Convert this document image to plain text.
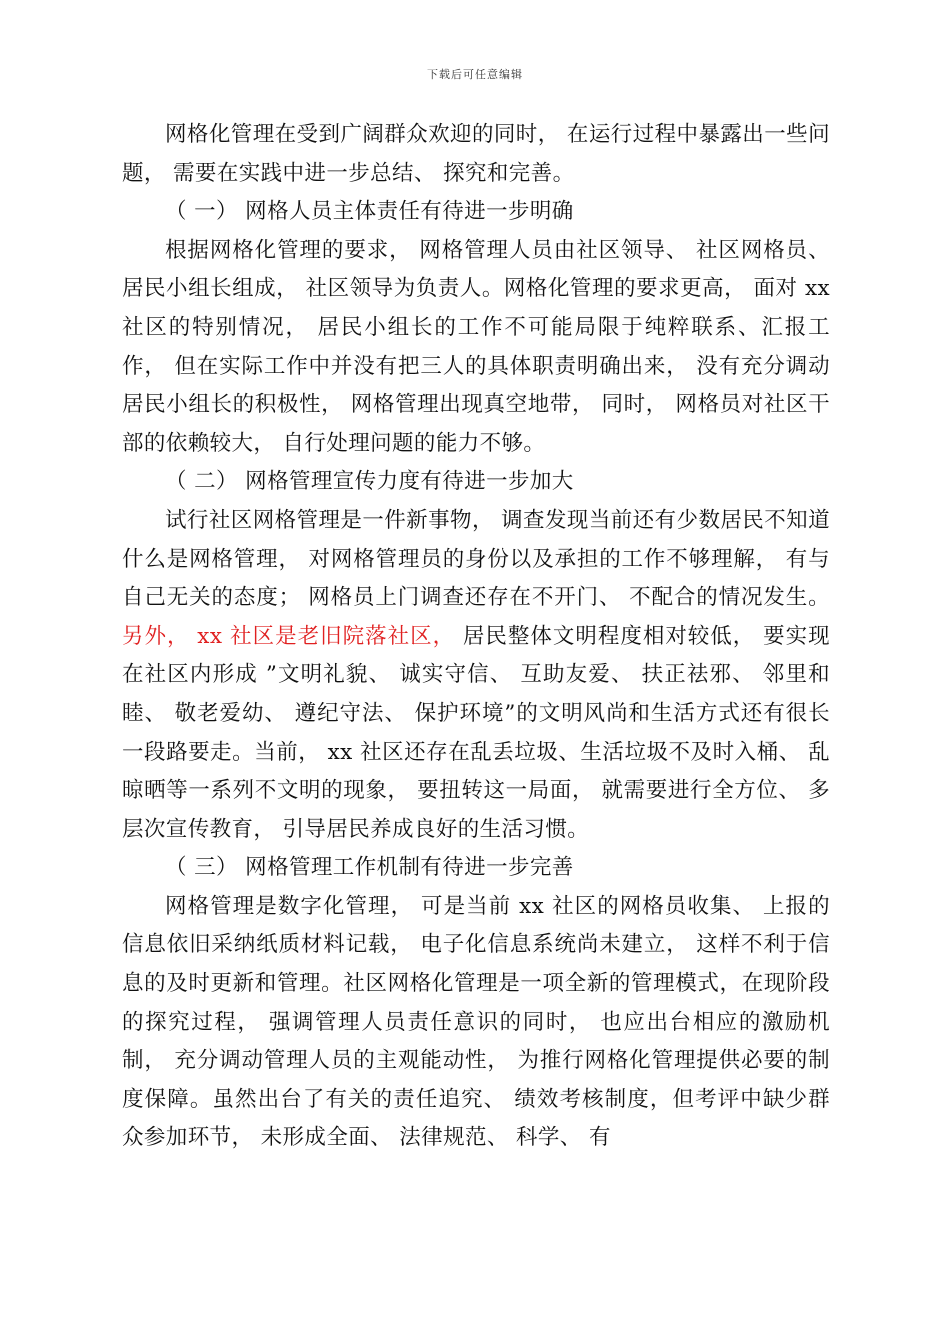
下载后可任意编辑

网格化管理在受到广阔群众欢迎的同时， 在运行过程中暴露出一些问题， 需要在实践中进一步总结、 探究和完善。

（ 一） 网格人员主体责任有待进一步明确

根据网格化管理的要求， 网格管理人员由社区领导、 社区网格员、 居民小组长组成， 社区领导为负责人。网格化管理的要求更高， 面对 xx 社区的特别情况， 居民小组长的工作不可能局限于纯粹联系、汇报工作， 但在实际工作中并没有把三人的具体职责明确出来， 没有充分调动居民小组长的积极性， 网格管理出现真空地带， 同时， 网格员对社区干部的依赖较大， 自行处理问题的能力不够。

（ 二） 网格管理宣传力度有待进一步加大

试行社区网格管理是一件新事物， 调查发现当前还有少数居民不知道什么是网格管理， 对网格管理员的身份以及承担的工作不够理解， 有与自己无关的态度； 网格员上门调查还存在不开门、 不配合的情况发生。另外， xx 社区是老旧院落社区， 居民整体文明程度相对较低， 要实现在社区内形成 ”文明礼貌、 诚实守信、 互助友爱、 扶正祛邪、 邻里和睦、 敬老爱幼、 遵纪守法、 保护环境”的文明风尚和生活方式还有很长一段路要走。当前， xx 社区还存在乱丢垃圾、生活垃圾不及时入桶、 乱晾晒等一系列不文明的现象， 要扭转这一局面， 就需要进行全方位、 多层次宣传教育， 引导居民养成良好的生活习惯。

（ 三） 网格管理工作机制有待进一步完善

网格管理是数字化管理， 可是当前 xx 社区的网格员收集、 上报的信息依旧采纳纸质材料记载， 电子化信息系统尚未建立， 这样不利于信息的及时更新和管理。社区网格化管理是一项全新的管理模式，在现阶段的探究过程， 强调管理人员责任意识的同时， 也应出台相应的激励机制， 充分调动管理人员的主观能动性， 为推行网格化管理提供必要的制度保障。虽然出台了有关的责任追究、 绩效考核制度，但考评中缺少群众参加环节， 未形成全面、 法律规范、 科学、 有
